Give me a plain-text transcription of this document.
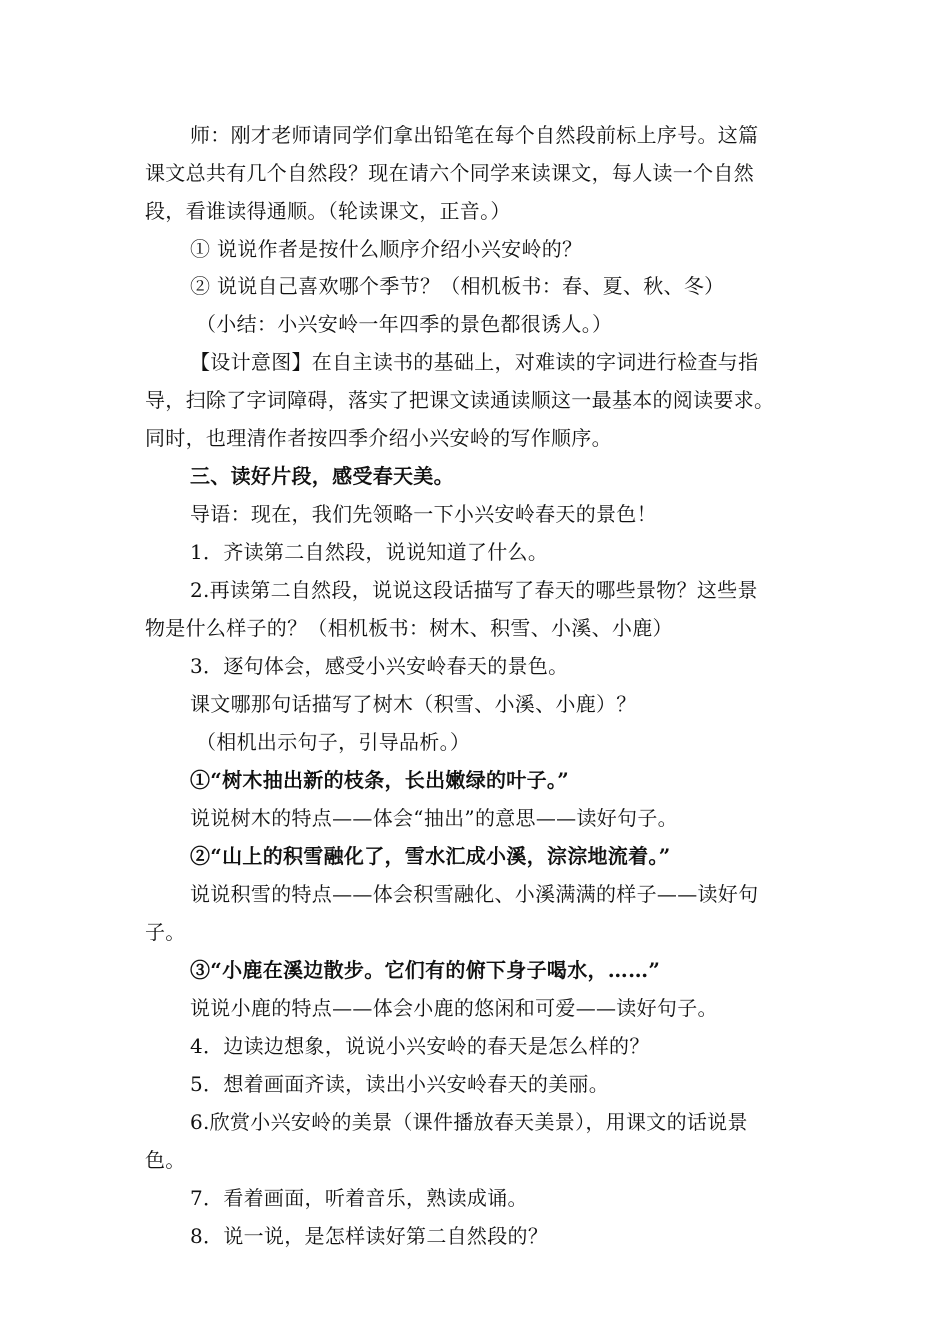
师：刚才老师请同学们拿出铅笔在每个自然段前标上序号。这篇
课文总共有几个自然段？现在请六个同学来读课文，每人读一个自然
段，看谁读得通顺。（轮读课文，正音。）
① 说说作者是按什么顺序介绍小兴安岭的？
② 说说自己喜欢哪个季节？（相机板书：春、夏、秋、冬）
（小结：小兴安岭一年四季的景色都很诱人。）
【设计意图】在自主读书的基础上，对难读的字词进行检查与指
导，扫除了字词障碍，落实了把课文读通读顺这一最基本的阅读要求。
同时，也理清作者按四季介绍小兴安岭的写作顺序。
三、读好片段，感受春天美。
导语：现在，我们先领略一下小兴安岭春天的景色！
1．齐读第二自然段，说说知道了什么。
2.再读第二自然段，说说这段话描写了春天的哪些景物？这些景
物是什么样子的？（相机板书：树木、积雪、小溪、小鹿）
3．逐句体会，感受小兴安岭春天的景色。
课文哪那句话描写了树木（积雪、小溪、小鹿）？
（相机出示句子，引导品析。）
①“树木抽出新的枝条，长出嫩绿的叶子。”
说说树木的特点——体会“抽出”的意思——读好句子。
②“山上的积雪融化了，雪水汇成小溪，淙淙地流着。”
说说积雪的特点——体会积雪融化、小溪满满的样子——读好句
子。
③“小鹿在溪边散步。它们有的俯下身子喝水，……”
说说小鹿的特点——体会小鹿的悠闲和可爱——读好句子。
4．边读边想象，说说小兴安岭的春天是怎么样的？
5．想着画面齐读，读出小兴安岭春天的美丽。
6.欣赏小兴安岭的美景（课件播放春天美景），用课文的话说景
色。
7．看着画面，听着音乐，熟读成诵。
8．说一说，是怎样读好第二自然段的？
